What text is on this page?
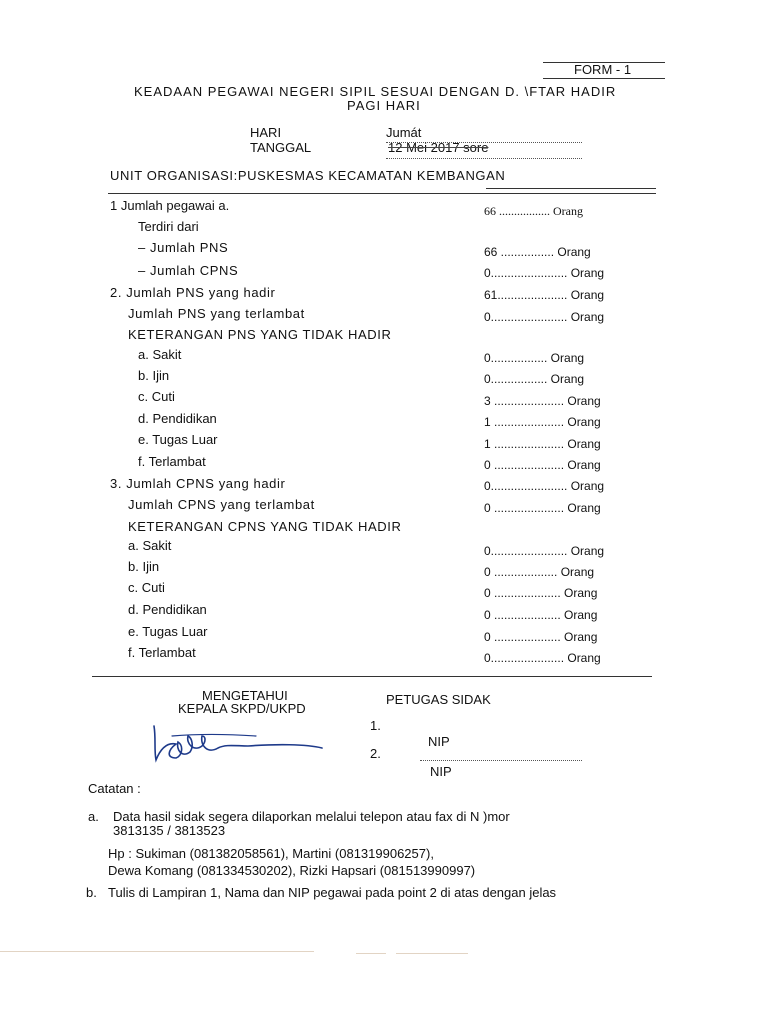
FORM - 1
KEADAAN PEGAWAI NEGERI SIPIL SESUAI DENGAN D. \FTAR HADIR
PAGI HARI
HARI	Jumát
TANGGAL	12 Mei 2017 sore
UNIT ORGANISASI:PUSKESMAS KECAMATAN KEMBANGAN
1 Jumlah pegawai a.	66 ................. Orang
Terdiri dari
– Jumlah PNS	66 ................ Orang
– Jumlah CPNS	0....................... Orang
2. Jumlah PNS yang hadir	61..................... Orang
Jumlah PNS yang terlambat	0....................... Orang
KETERANGAN PNS YANG TIDAK HADIR
a. Sakit	0................. Orang
b. Ijin	0................. Orang
c. Cuti	3 ..................... Orang
d. Pendidikan	1 ..................... Orang
e. Tugas Luar	1 ..................... Orang
f. Terlambat	0 ..................... Orang
3. Jumlah CPNS yang hadir	0....................... Orang
Jumlah CPNS yang terlambat	0 ..................... Orang
KETERANGAN CPNS YANG TIDAK HADIR
a. Sakit	0....................... Orang
b. Ijin	0 ................... Orang
c. Cuti	0 .................... Orang
d. Pendidikan	0 .................... Orang
e. Tugas Luar	0 .................... Orang
f. Terlambat	0...................... Orang
MENGETAHUI
KEPALA SKPD/UKPD
PETUGAS SIDAK
1.
NIP
2.
NIP
Catatan :
a. Data hasil sidak segera dilaporkan melalui telepon atau fax di N )mor
3813135 / 3813523
Hp : Sukiman (081382058561), Martini (081319906257),
Dewa Komang (081334530202), Rizki Hapsari (081513990997)
b. Tulis di Lampiran 1, Nama dan NIP pegawai pada point 2 di atas dengan jelas
